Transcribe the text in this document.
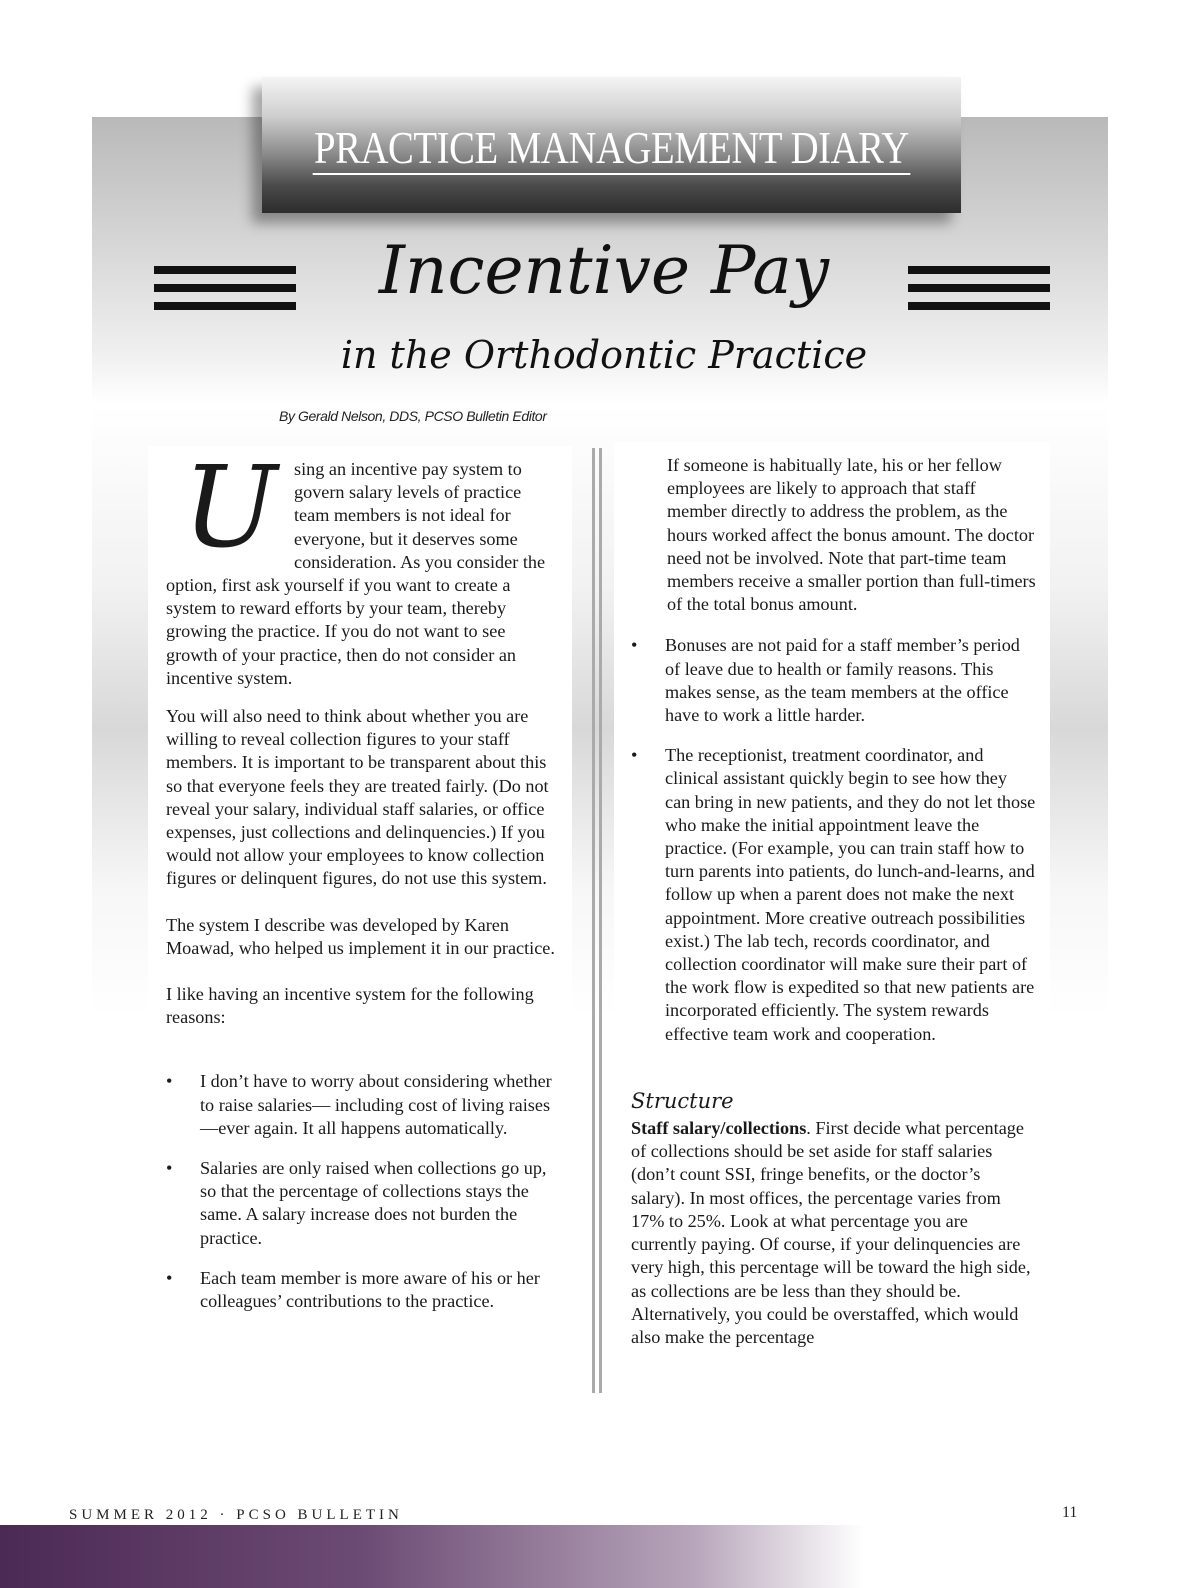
PRACTICE MANAGEMENT DIARY
Incentive Pay
in the Orthodontic Practice
By Gerald Nelson, DDS, PCSO Bulletin Editor

Using an incentive pay system to govern salary levels of practice team members is not ideal for everyone, but it deserves some consideration. As you consider the option, first ask yourself if you want to create a system to reward efforts by your team, thereby growing the practice. If you do not want to see growth of your practice, then do not consider an incentive system.

You will also need to think about whether you are willing to reveal collection figures to your staff members. It is important to be transparent about this so that everyone feels they are treated fairly. (Do not reveal your salary, individual staff salaries, or office expenses, just collections and delinquencies.) If you would not allow your employees to know collection figures or delinquent figures, do not use this system.

The system I describe was developed by Karen Moawad, who helped us implement it in our practice.

I like having an incentive system for the following reasons:

• I don’t have to worry about considering whether to raise salaries— including cost of living raises—ever again. It all happens automatically.
• Salaries are only raised when collections go up, so that the percentage of collections stays the same. A salary increase does not burden the practice.
• Each team member is more aware of his or her colleagues’ contributions to the practice.

If someone is habitually late, his or her fellow employees are likely to approach that staff member directly to address the problem, as the hours worked affect the bonus amount. The doctor need not be involved. Note that part-time team members receive a smaller portion than full-timers of the total bonus amount.

• Bonuses are not paid for a staff member’s period of leave due to health or family reasons. This makes sense, as the team members at the office have to work a little harder.
• The receptionist, treatment coordinator, and clinical assistant quickly begin to see how they can bring in new patients, and they do not let those who make the initial appointment leave the practice. (For example, you can train staff how to turn parents into patients, do lunch-and-learns, and follow up when a parent does not make the next appointment. More creative outreach possibilities exist.) The lab tech, records coordinator, and collection coordinator will make sure their part of the work flow is expedited so that new patients are incorporated efficiently. The system rewards effective team work and cooperation.

Structure

Staff salary/collections. First decide what percentage of collections should be set aside for staff salaries (don’t count SSI, fringe benefits, or the doctor’s salary). In most offices, the percentage varies from 17% to 25%. Look at what percentage you are currently paying. Of course, if your delinquencies are very high, this percentage will be toward the high side, as collections are be less than they should be. Alternatively, you could be overstaffed, which would also make the percentage

SUMMER 2012 · PCSO BULLETIN	11
